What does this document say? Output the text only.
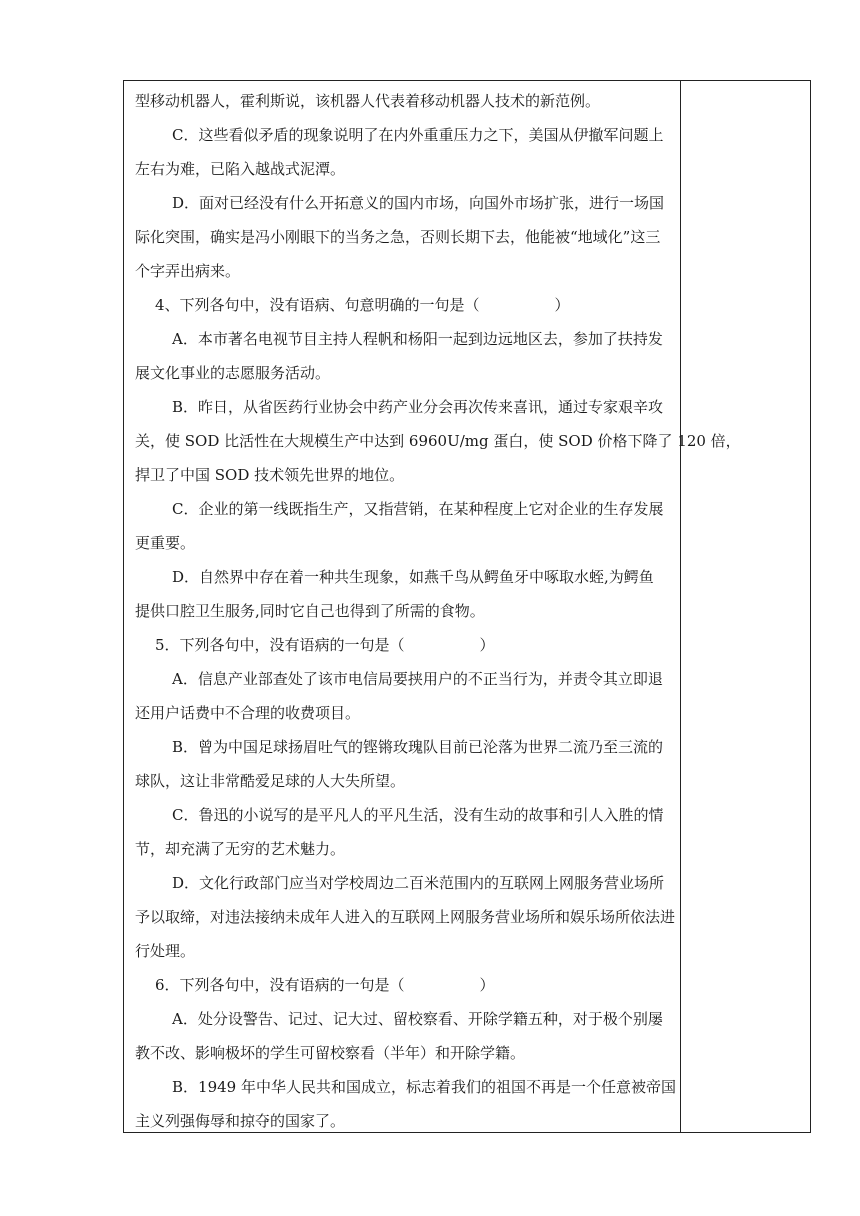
型移动机器人，霍利斯说，该机器人代表着移动机器人技术的新范例。
C．这些看似矛盾的现象说明了在内外重重压力之下，美国从伊撤军问题上
左右为难，已陷入越战式泥潭。
D．面对已经没有什么开拓意义的国内市场，向国外市场扩张，进行一场国
际化突围，确实是冯小刚眼下的当务之急，否则长期下去，他能被“地域化”这三
个字弄出病来。
4、下列各句中，没有语病、句意明确的一句是（　　　　　）
A．本市著名电视节目主持人程帆和杨阳一起到边远地区去，参加了扶持发
展文化事业的志愿服务活动。
B．昨日，从省医药行业协会中药产业分会再次传来喜讯，通过专家艰辛攻
关，使 SOD 比活性在大规模生产中达到 6960U/mg 蛋白，使 SOD 价格下降了 120 倍，
捍卫了中国 SOD 技术领先世界的地位。
C．企业的第一线既指生产，又指营销，在某种程度上它对企业的生存发展
更重要。
D．自然界中存在着一种共生现象，如燕千鸟从鳄鱼牙中啄取水蛭,为鳄鱼
提供口腔卫生服务,同时它自己也得到了所需的食物。
5．下列各句中，没有语病的一句是（　　　　　）
A．信息产业部查处了该市电信局要挟用户的不正当行为，并责令其立即退
还用户话费中不合理的收费项目。
B．曾为中国足球扬眉吐气的铿锵玫瑰队目前已沦落为世界二流乃至三流的
球队，这让非常酷爱足球的人大失所望。
C．鲁迅的小说写的是平凡人的平凡生活，没有生动的故事和引人入胜的情
节，却充满了无穷的艺术魅力。
D．文化行政部门应当对学校周边二百米范围内的互联网上网服务营业场所
予以取缔，对违法接纳未成年人进入的互联网上网服务营业场所和娱乐场所依法进
行处理。
6．下列各句中，没有语病的一句是（　　　　　）
A．处分设警告、记过、记大过、留校察看、开除学籍五种，对于极个别屡
教不改、影响极坏的学生可留校察看（半年）和开除学籍。
B．1949 年中华人民共和国成立，标志着我们的祖国不再是一个任意被帝国
主义列强侮辱和掠夺的国家了。
